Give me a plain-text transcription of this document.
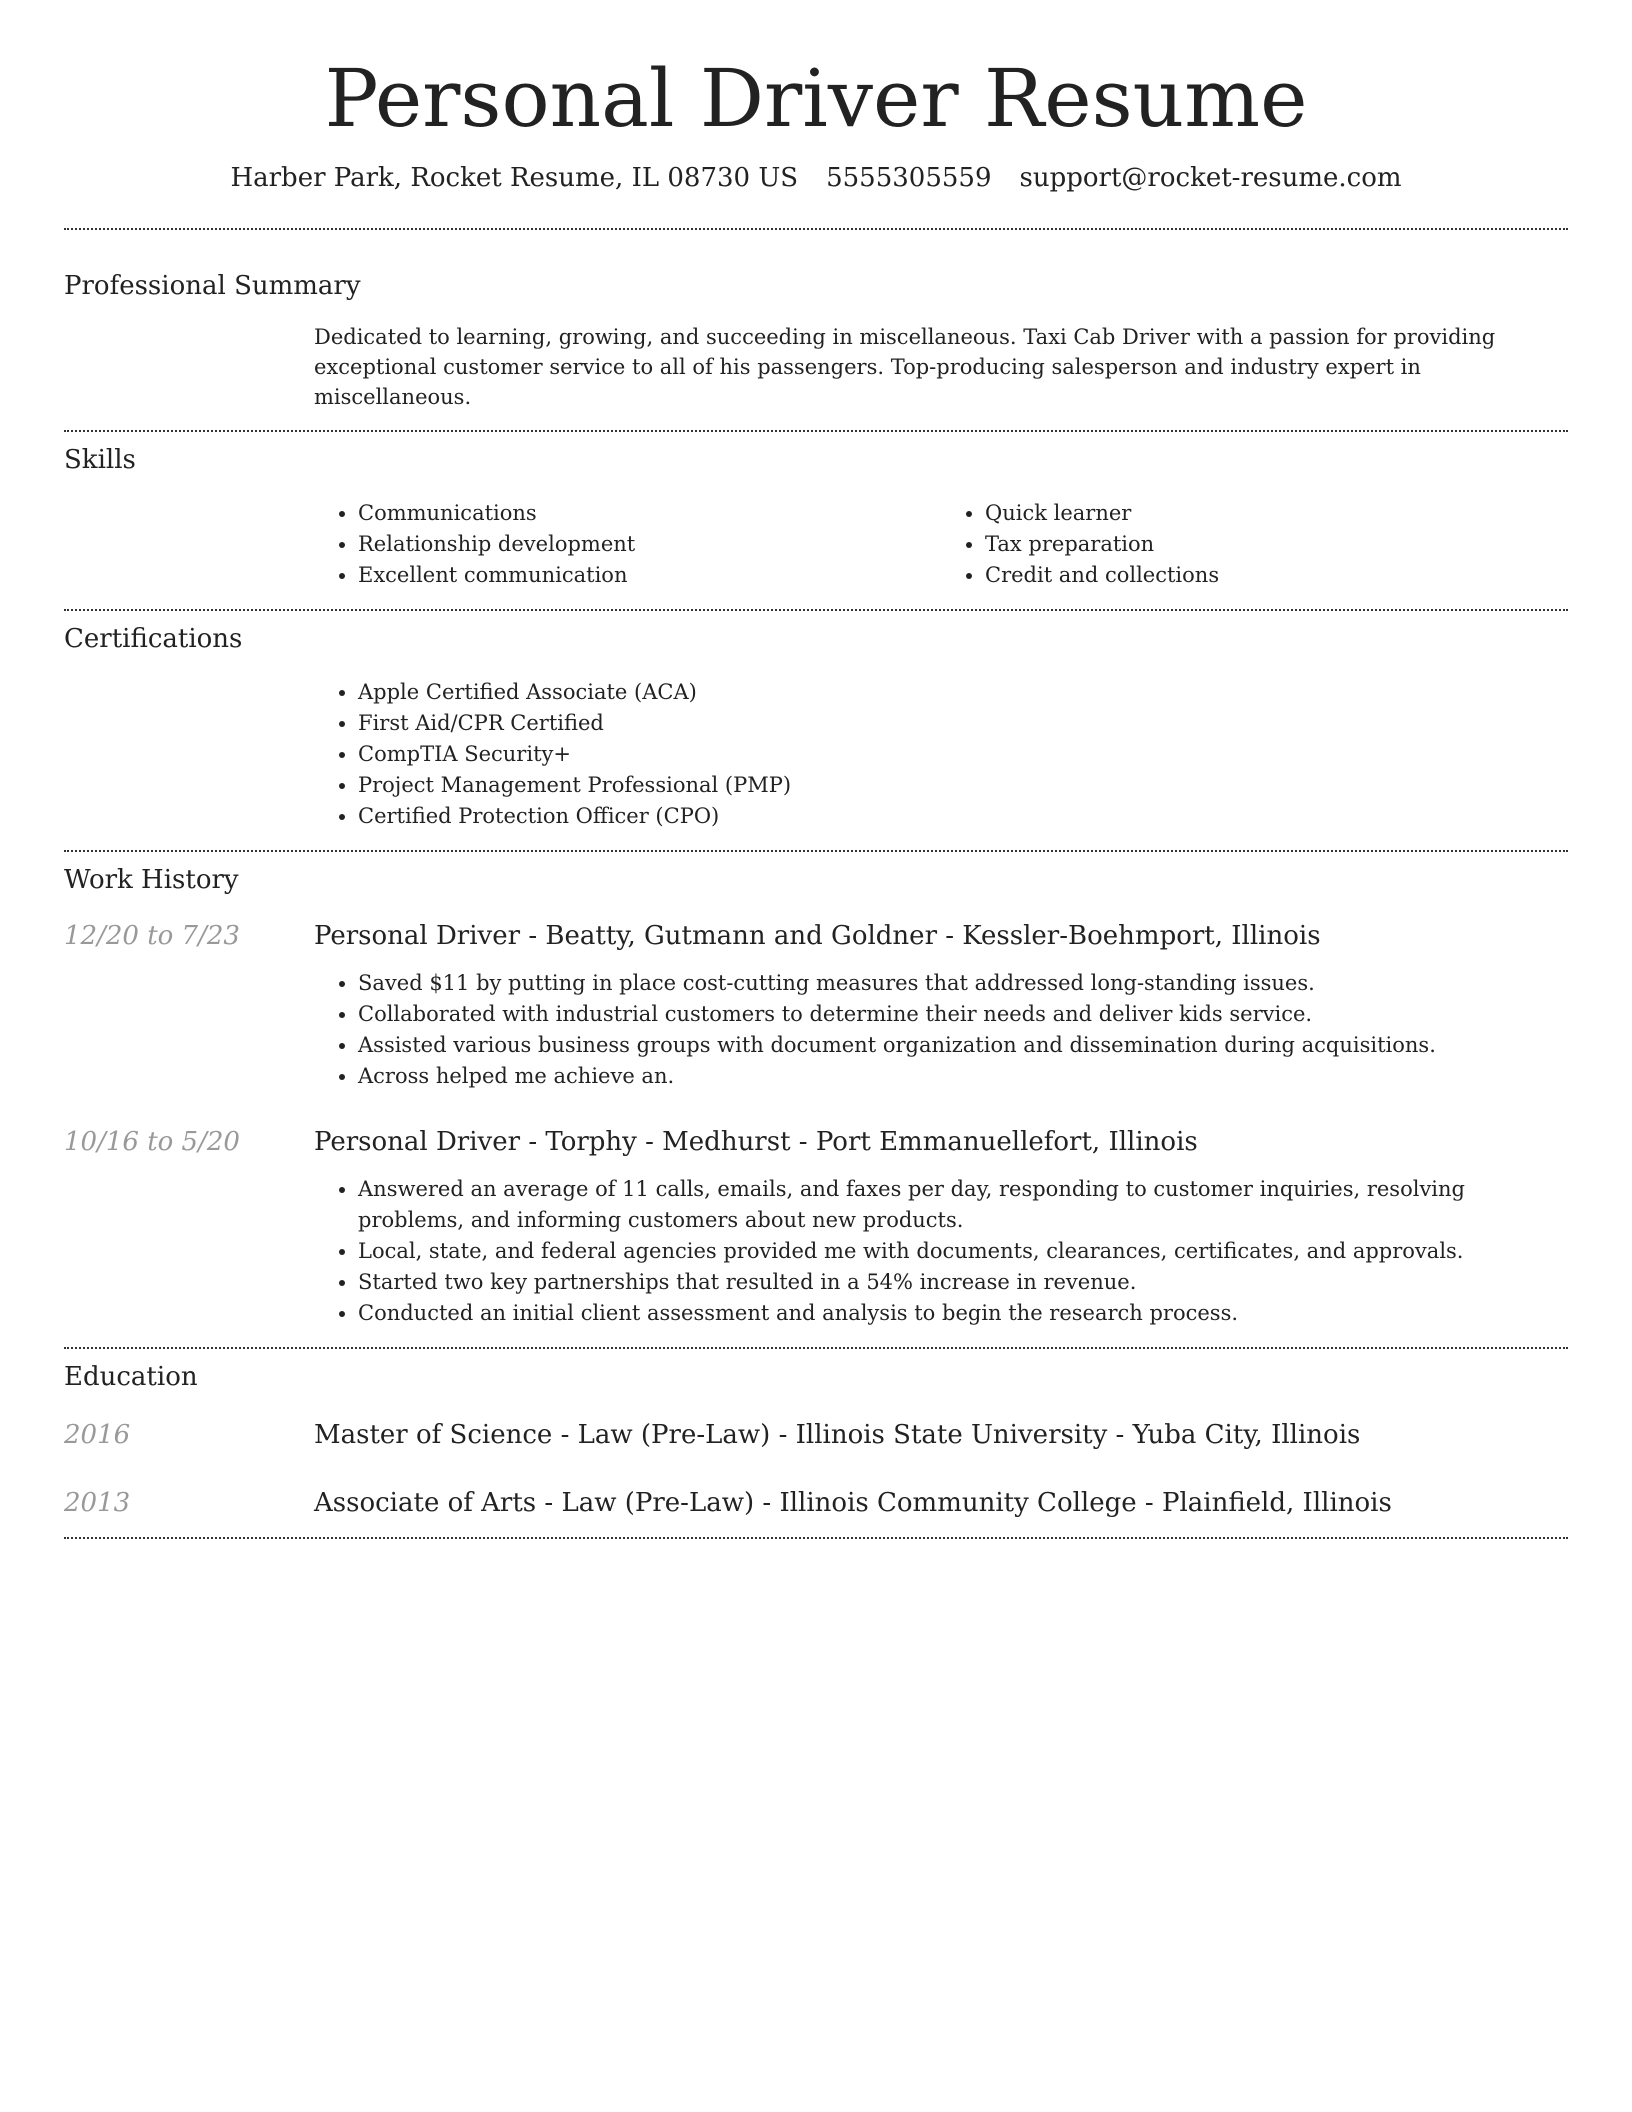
Personal Driver Resume
Harber Park, Rocket Resume, IL 08730 US 5555305559 support@rocket-resume.com
Professional Summary

Dedicated to learning, growing, and succeeding in miscellaneous. Taxi Cab Driver with a passion for providing exceptional customer service to all of his passengers. Top-producing salesperson and industry expert in miscellaneous.

Skills
• Communications
• Relationship development
• Excellent communication
• Quick learner
• Tax preparation
• Credit and collections
Certifications
• Apple Certified Associate (ACA)
• First Aid/CPR Certified
• CompTIA Security+
• Project Management Professional (PMP)
• Certified Protection Officer (CPO)
Work History
12/20 to 7/23	Personal Driver - Beatty, Gutmann and Goldner - Kessler-Boehmport, Illinois
• Saved $11 by putting in place cost-cutting measures that addressed long-standing issues.
• Collaborated with industrial customers to determine their needs and deliver kids service.
• Assisted various business groups with document organization and dissemination during acquisitions.
• Across helped me achieve an.
10/16 to 5/20	Personal Driver - Torphy - Medhurst - Port Emmanuellefort, Illinois
• Answered an average of 11 calls, emails, and faxes per day, responding to customer inquiries, resolving problems, and informing customers about new products.
• Local, state, and federal agencies provided me with documents, clearances, certificates, and approvals.
• Started two key partnerships that resulted in a 54% increase in revenue.
• Conducted an initial client assessment and analysis to begin the research process.
Education
2016	Master of Science - Law (Pre-Law) - Illinois State University - Yuba City, Illinois
2013	Associate of Arts - Law (Pre-Law) - Illinois Community College - Plainfield, Illinois
